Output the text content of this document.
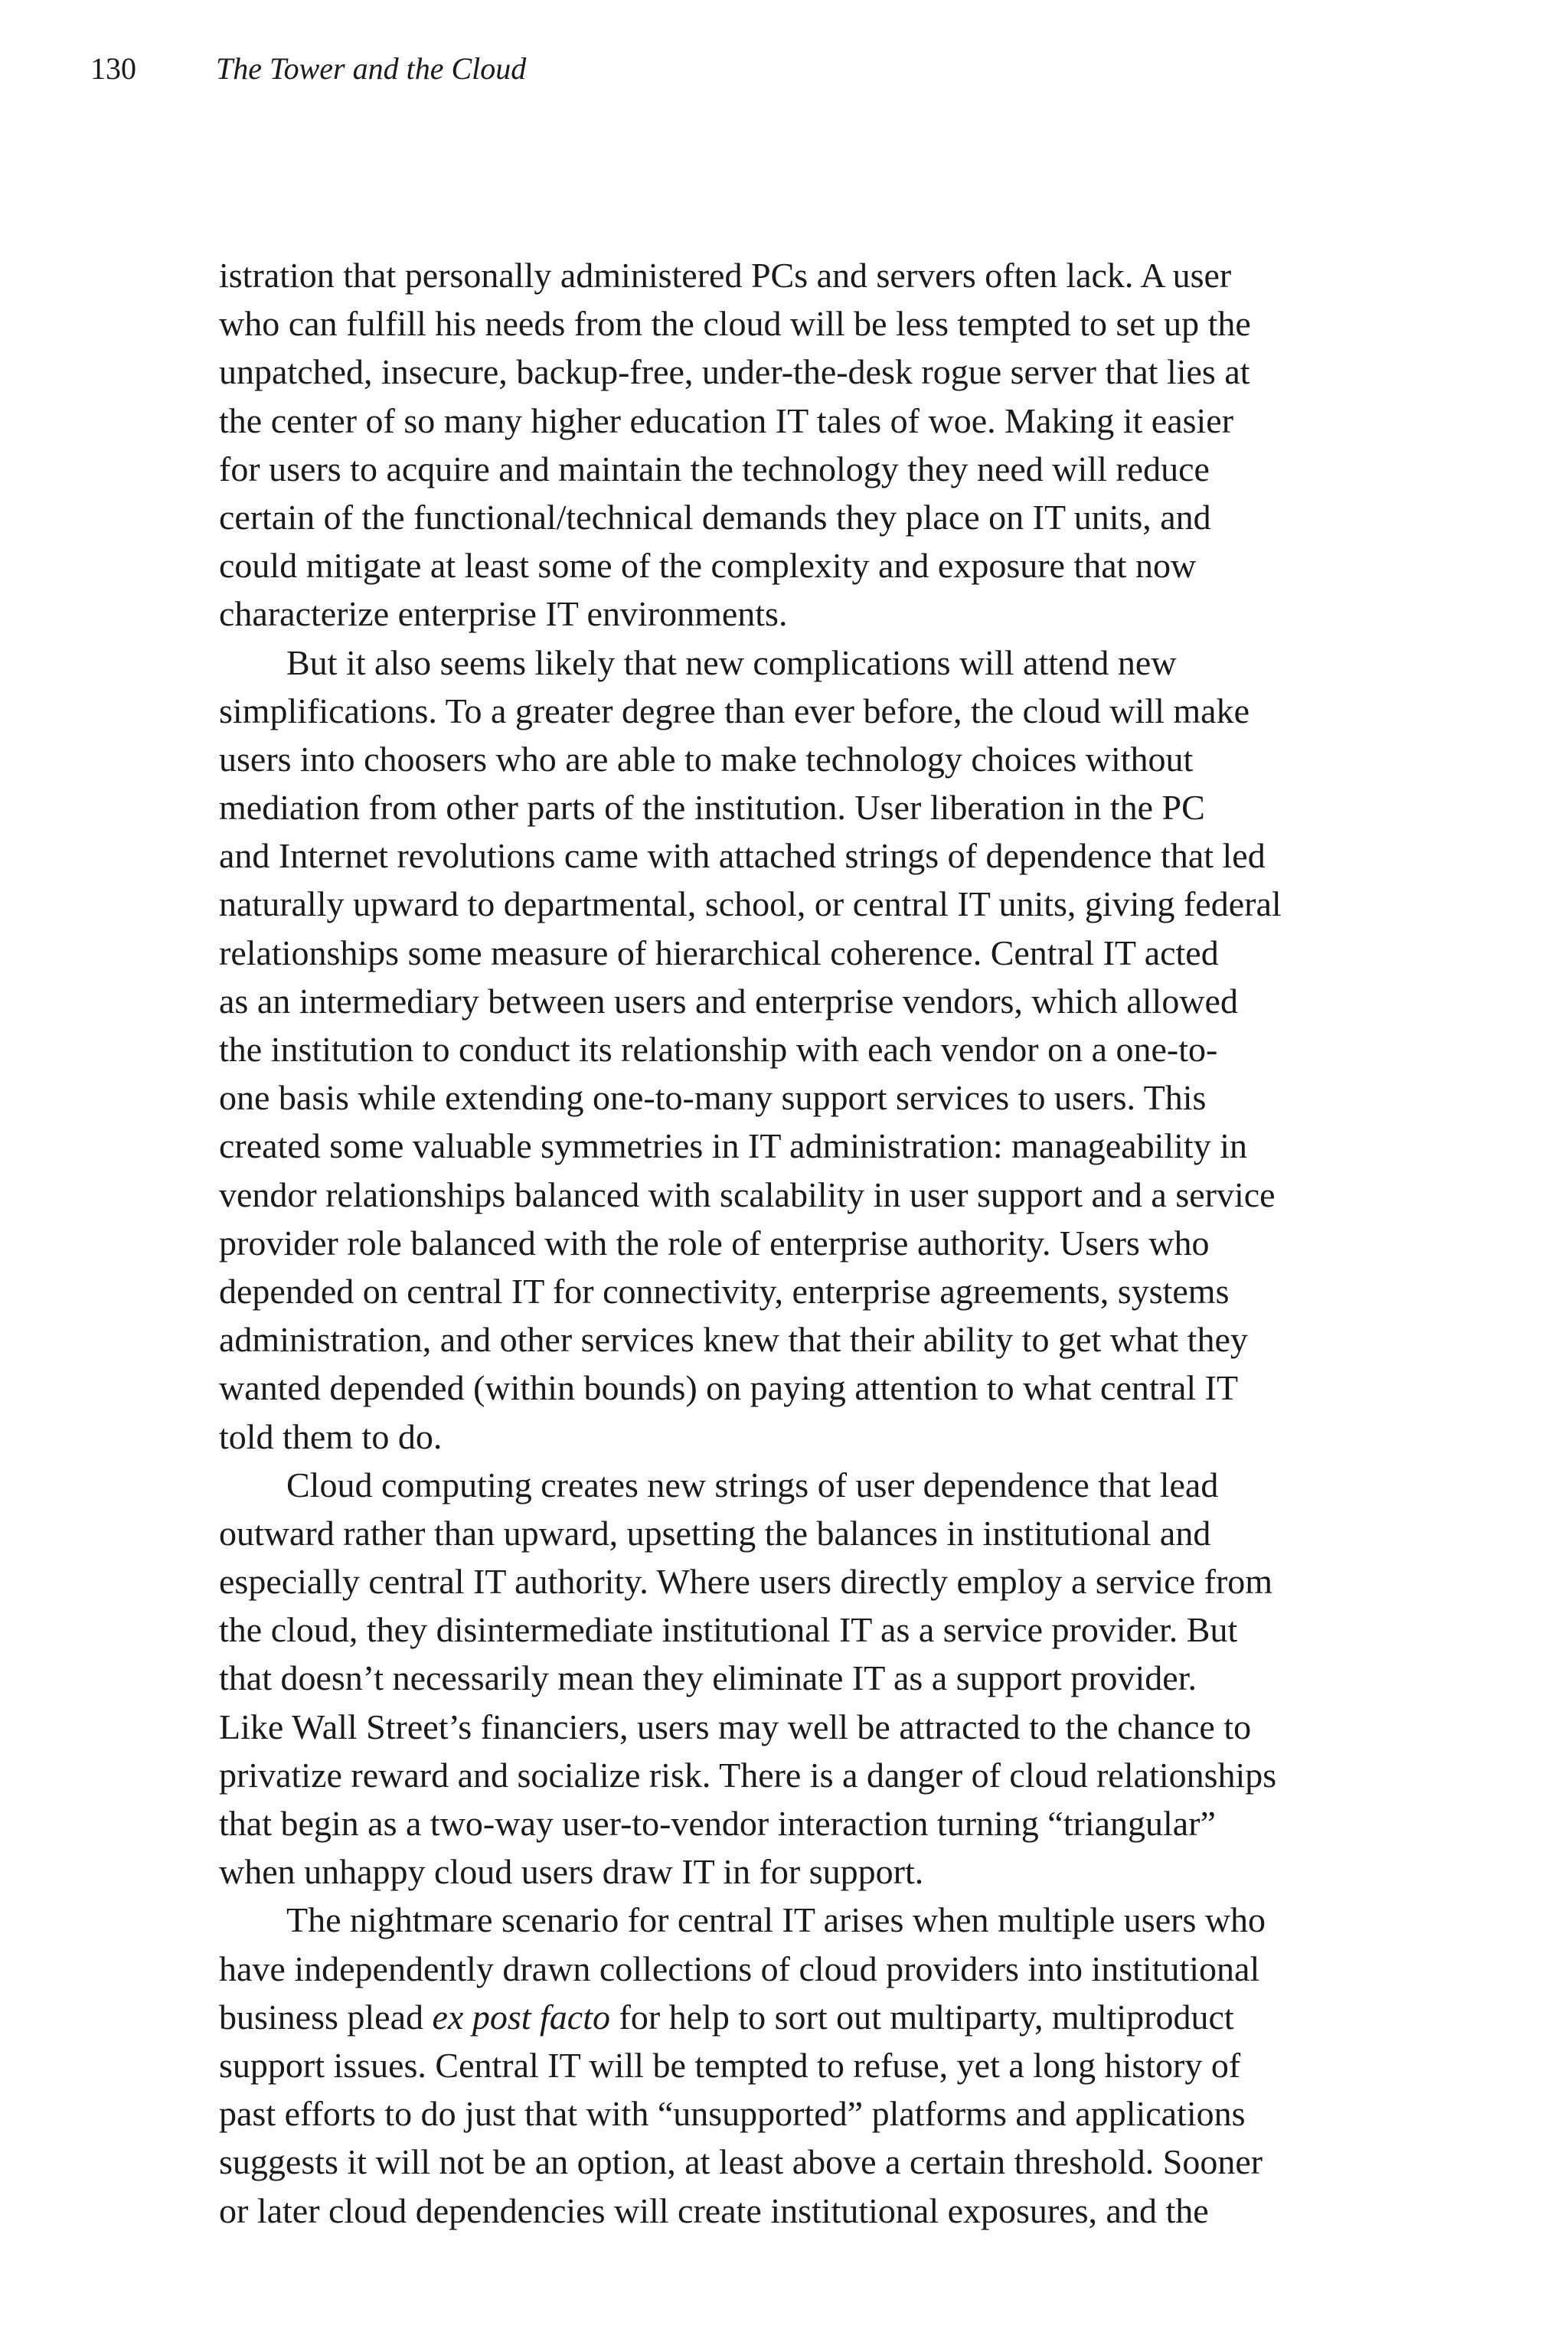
130	The Tower and the Cloud
istration that personally administered PCs and servers often lack. A user
who can fulfill his needs from the cloud will be less tempted to set up the
unpatched, insecure, backup-free, under-the-desk rogue server that lies at
the center of so many higher education IT tales of woe. Making it easier
for users to acquire and maintain the technology they need will reduce
certain of the functional/technical demands they place on IT units, and
could mitigate at least some of the complexity and exposure that now
characterize enterprise IT environments.
But it also seems likely that new complications will attend new
simplifications. To a greater degree than ever before, the cloud will make
users into choosers who are able to make technology choices without
mediation from other parts of the institution. User liberation in the PC
and Internet revolutions came with attached strings of dependence that led
naturally upward to departmental, school, or central IT units, giving federal
relationships some measure of hierarchical coherence. Central IT acted
as an intermediary between users and enterprise vendors, which allowed
the institution to conduct its relationship with each vendor on a one-to-
one basis while extending one-to-many support services to users. This
created some valuable symmetries in IT administration: manageability in
vendor relationships balanced with scalability in user support and a service
provider role balanced with the role of enterprise authority. Users who
depended on central IT for connectivity, enterprise agreements, systems
administration, and other services knew that their ability to get what they
wanted depended (within bounds) on paying attention to what central IT
told them to do.
Cloud computing creates new strings of user dependence that lead
outward rather than upward, upsetting the balances in institutional and
especially central IT authority. Where users directly employ a service from
the cloud, they disintermediate institutional IT as a service provider. But
that doesn’t necessarily mean they eliminate IT as a support provider.
Like Wall Street’s financiers, users may well be attracted to the chance to
privatize reward and socialize risk. There is a danger of cloud relationships
that begin as a two-way user-to-vendor interaction turning “triangular”
when unhappy cloud users draw IT in for support.
The nightmare scenario for central IT arises when multiple users who
have independently drawn collections of cloud providers into institutional
business plead ex post facto for help to sort out multiparty, multiproduct
support issues. Central IT will be tempted to refuse, yet a long history of
past efforts to do just that with “unsupported” platforms and applications
suggests it will not be an option, at least above a certain threshold. Sooner
or later cloud dependencies will create institutional exposures, and the
